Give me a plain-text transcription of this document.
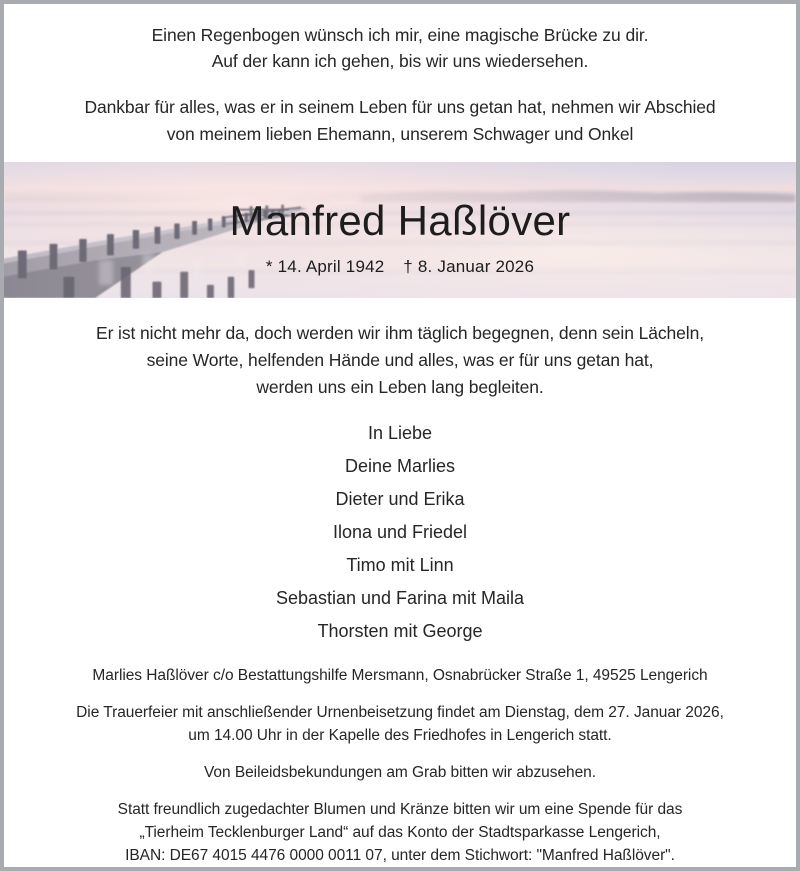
Einen Regenbogen wünsch ich mir, eine magische Brücke zu dir.
Auf der kann ich gehen, bis wir uns wiedersehen.
Dankbar für alles, was er in seinem Leben für uns getan hat, nehmen wir Abschied
von meinem lieben Ehemann, unserem Schwager und Onkel
Manfred Haßlöver
* 14. April 1942 † 8. Januar 2026
Er ist nicht mehr da, doch werden wir ihm täglich begegnen, denn sein Lächeln,
seine Worte, helfenden Hände und alles, was er für uns getan hat,
werden uns ein Leben lang begleiten.
In Liebe
Deine Marlies
Dieter und Erika
Ilona und Friedel
Timo mit Linn
Sebastian und Farina mit Maila
Thorsten mit George
Marlies Haßlöver c/o Bestattungshilfe Mersmann, Osnabrücker Straße 1, 49525 Lengerich
Die Trauerfeier mit anschließender Urnenbeisetzung findet am Dienstag, dem 27. Januar 2026,
um 14.00 Uhr in der Kapelle des Friedhofes in Lengerich statt.
Von Beileidsbekundungen am Grab bitten wir abzusehen.
Statt freundlich zugedachter Blumen und Kränze bitten wir um eine Spende für das
„Tierheim Tecklenburger Land“ auf das Konto der Stadtsparkasse Lengerich,
IBAN: DE67 4015 4476 0000 0011 07, unter dem Stichwort: "Manfred Haßlöver".
